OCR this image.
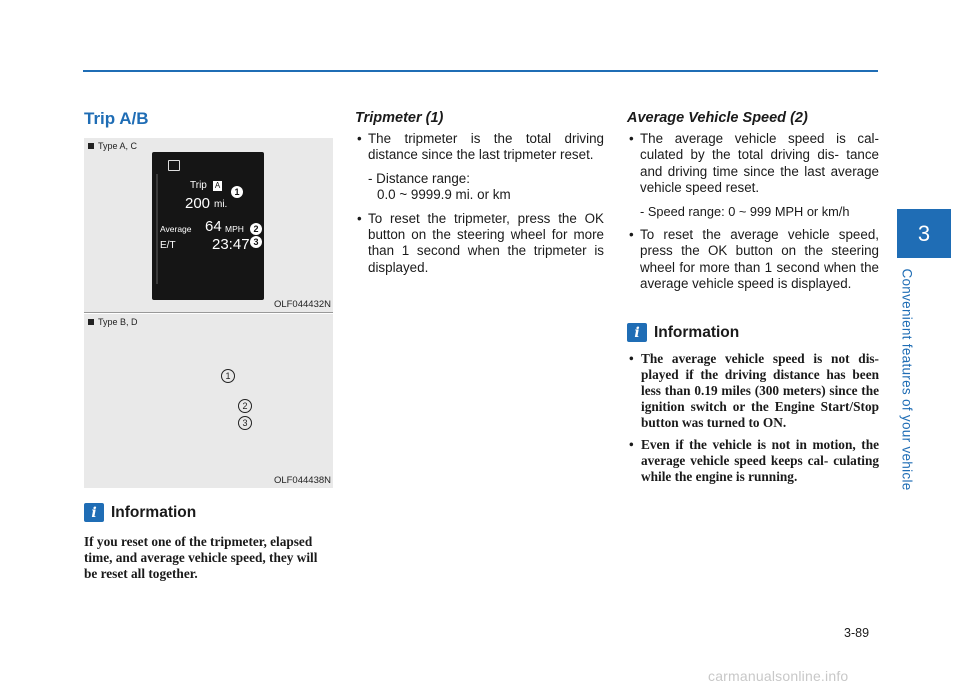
3
Convenient features of your vehicle
Trip A/B
Type A, C
Trip A
1
200 mi.
Average 64 MPH	2
E/T 23:47 3
OLF044432N
Type B, D
1
2
3
OLF044438N
i Information
If you reset one of the tripmeter, elapsed time, and average vehicle speed, they will be reset all together.
Tripmeter (1)
• The tripmeter is the total driving distance since the last tripmeter reset.
- Distance range:
0.0 ~ 9999.9 mi. or km
• To reset the tripmeter, press the OK button on the steering wheel for more than 1 second when the tripmeter is displayed.
Average Vehicle Speed (2)
• The average vehicle speed is cal- culated by the total driving dis- tance and driving time since the last average vehicle speed reset.
- Speed range: 0 ~ 999 MPH or km/h
• To reset the average vehicle speed, press the OK button on the steering wheel for more than 1 second when the average vehicle speed is displayed.
i Information
• The average vehicle speed is not dis- played if the driving distance has been less than 0.19 miles (300 meters) since the ignition switch or the Engine Start/Stop button was turned to ON.
• Even if the vehicle is not in motion, the average vehicle speed keeps cal- culating while the engine is running.
3-89
carmanualsonline.info
